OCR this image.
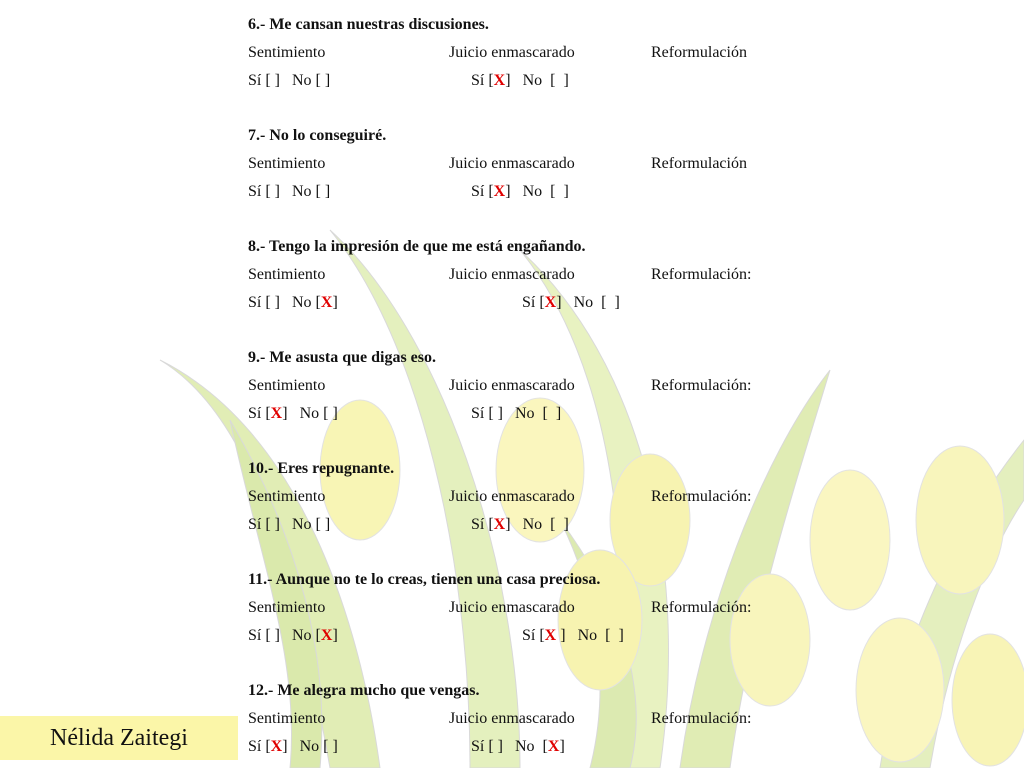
6.- Me cansan nuestras discusiones.
Sentimiento	Juicio enmascarado	Reformulación
Sí [ ]   No [ ]	Sí [X]   No  [ ]
7.- No lo conseguiré.
Sentimiento	Juicio enmascarado	Reformulación
Sí [ ]   No [ ]	Sí [X]   No  [ ]
8.- Tengo la impresión de que me está engañando.
Sentimiento	Juicio enmascarado	Reformulación:
Sí [ ]   No [X]	Sí [X]   No  [ ]
9.- Me asusta que digas eso.
Sentimiento	Juicio enmascarado	Reformulación:
Sí [X]   No [ ]	Sí [ ]   No  [ ]
10.- Eres repugnante.
Sentimiento	Juicio enmascarado	Reformulación:
Sí [ ]   No [ ]	Sí [X]   No  [ ]
11.- Aunque no te lo creas, tienen una casa preciosa.
Sentimiento	Juicio enmascarado	Reformulación:
Sí [ ]   No [X]	Sí [X ]   No  [ ]
12.- Me alegra mucho que vengas.
Sentimiento	Juicio enmascarado	Reformulación:
Sí [X]   No [ ]	Sí [ ]   No  [X]
Nélida Zaitegi
